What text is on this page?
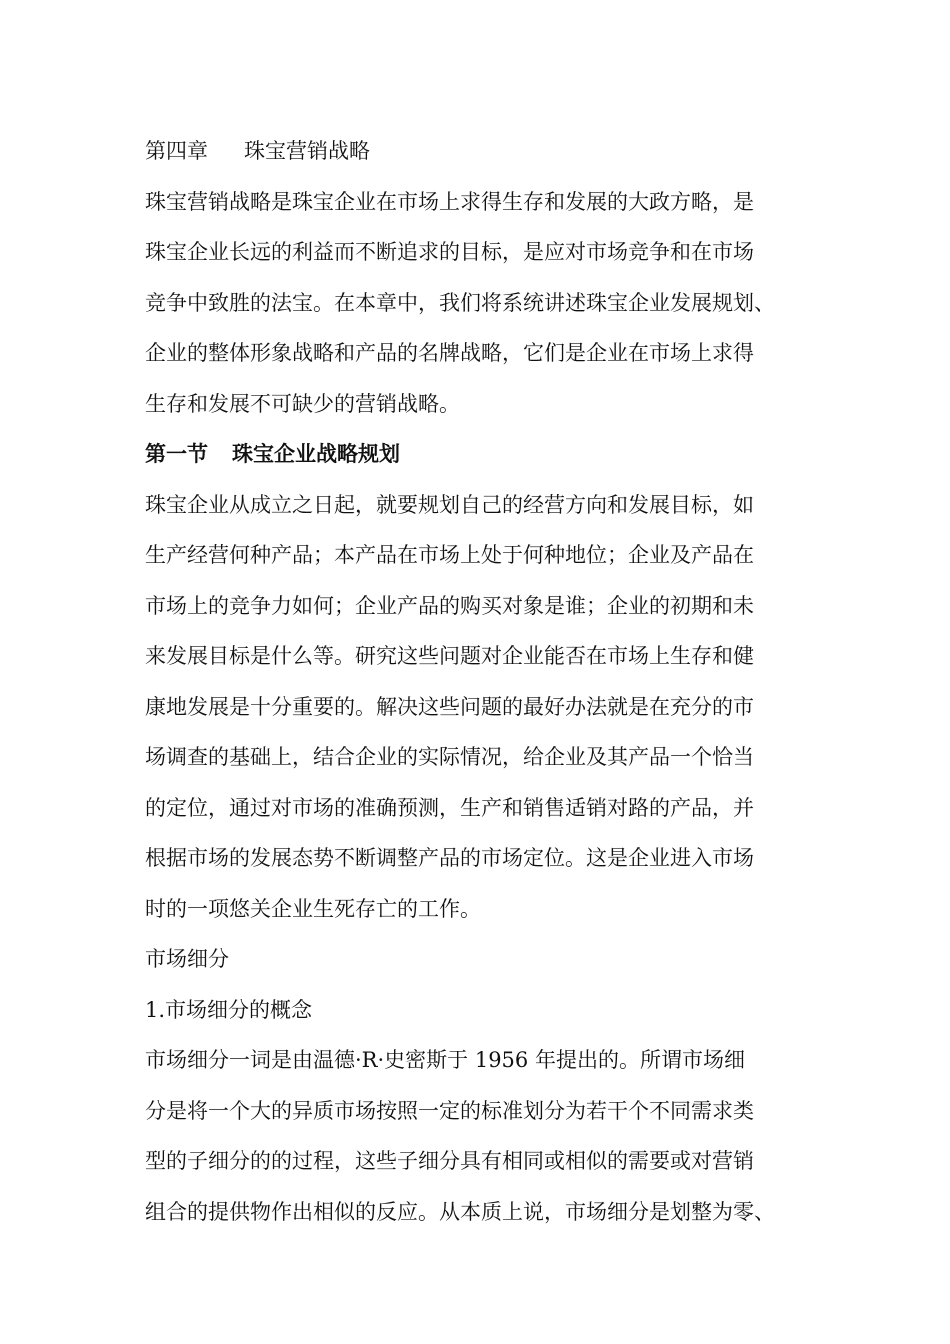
第四章 珠宝营销战略
珠宝营销战略是珠宝企业在市场上求得生存和发展的大政方略，是
珠宝企业长远的利益而不断追求的目标，是应对市场竞争和在市场
竞争中致胜的法宝。在本章中，我们将系统讲述珠宝企业发展规划、
企业的整体形象战略和产品的名牌战略，它们是企业在市场上求得
生存和发展不可缺少的营销战略。
第一节 珠宝企业战略规划
珠宝企业从成立之日起，就要规划自己的经营方向和发展目标，如
生产经营何种产品；本产品在市场上处于何种地位；企业及产品在
市场上的竞争力如何；企业产品的购买对象是谁；企业的初期和未
来发展目标是什么等。研究这些问题对企业能否在市场上生存和健
康地发展是十分重要的。解决这些问题的最好办法就是在充分的市
场调查的基础上，结合企业的实际情况，给企业及其产品一个恰当
的定位，通过对市场的准确预测，生产和销售适销对路的产品，并
根据市场的发展态势不断调整产品的市场定位。这是企业进入市场
时的一项悠关企业生死存亡的工作。
市场细分
1.市场细分的概念
市场细分一词是由温德·R·史密斯于 1956 年提出的。所谓市场细
分是将一个大的异质市场按照一定的标准划分为若干个不同需求类
型的子细分的的过程，这些子细分具有相同或相似的需要或对营销
组合的提供物作出相似的反应。从本质上说，市场细分是划整为零、
